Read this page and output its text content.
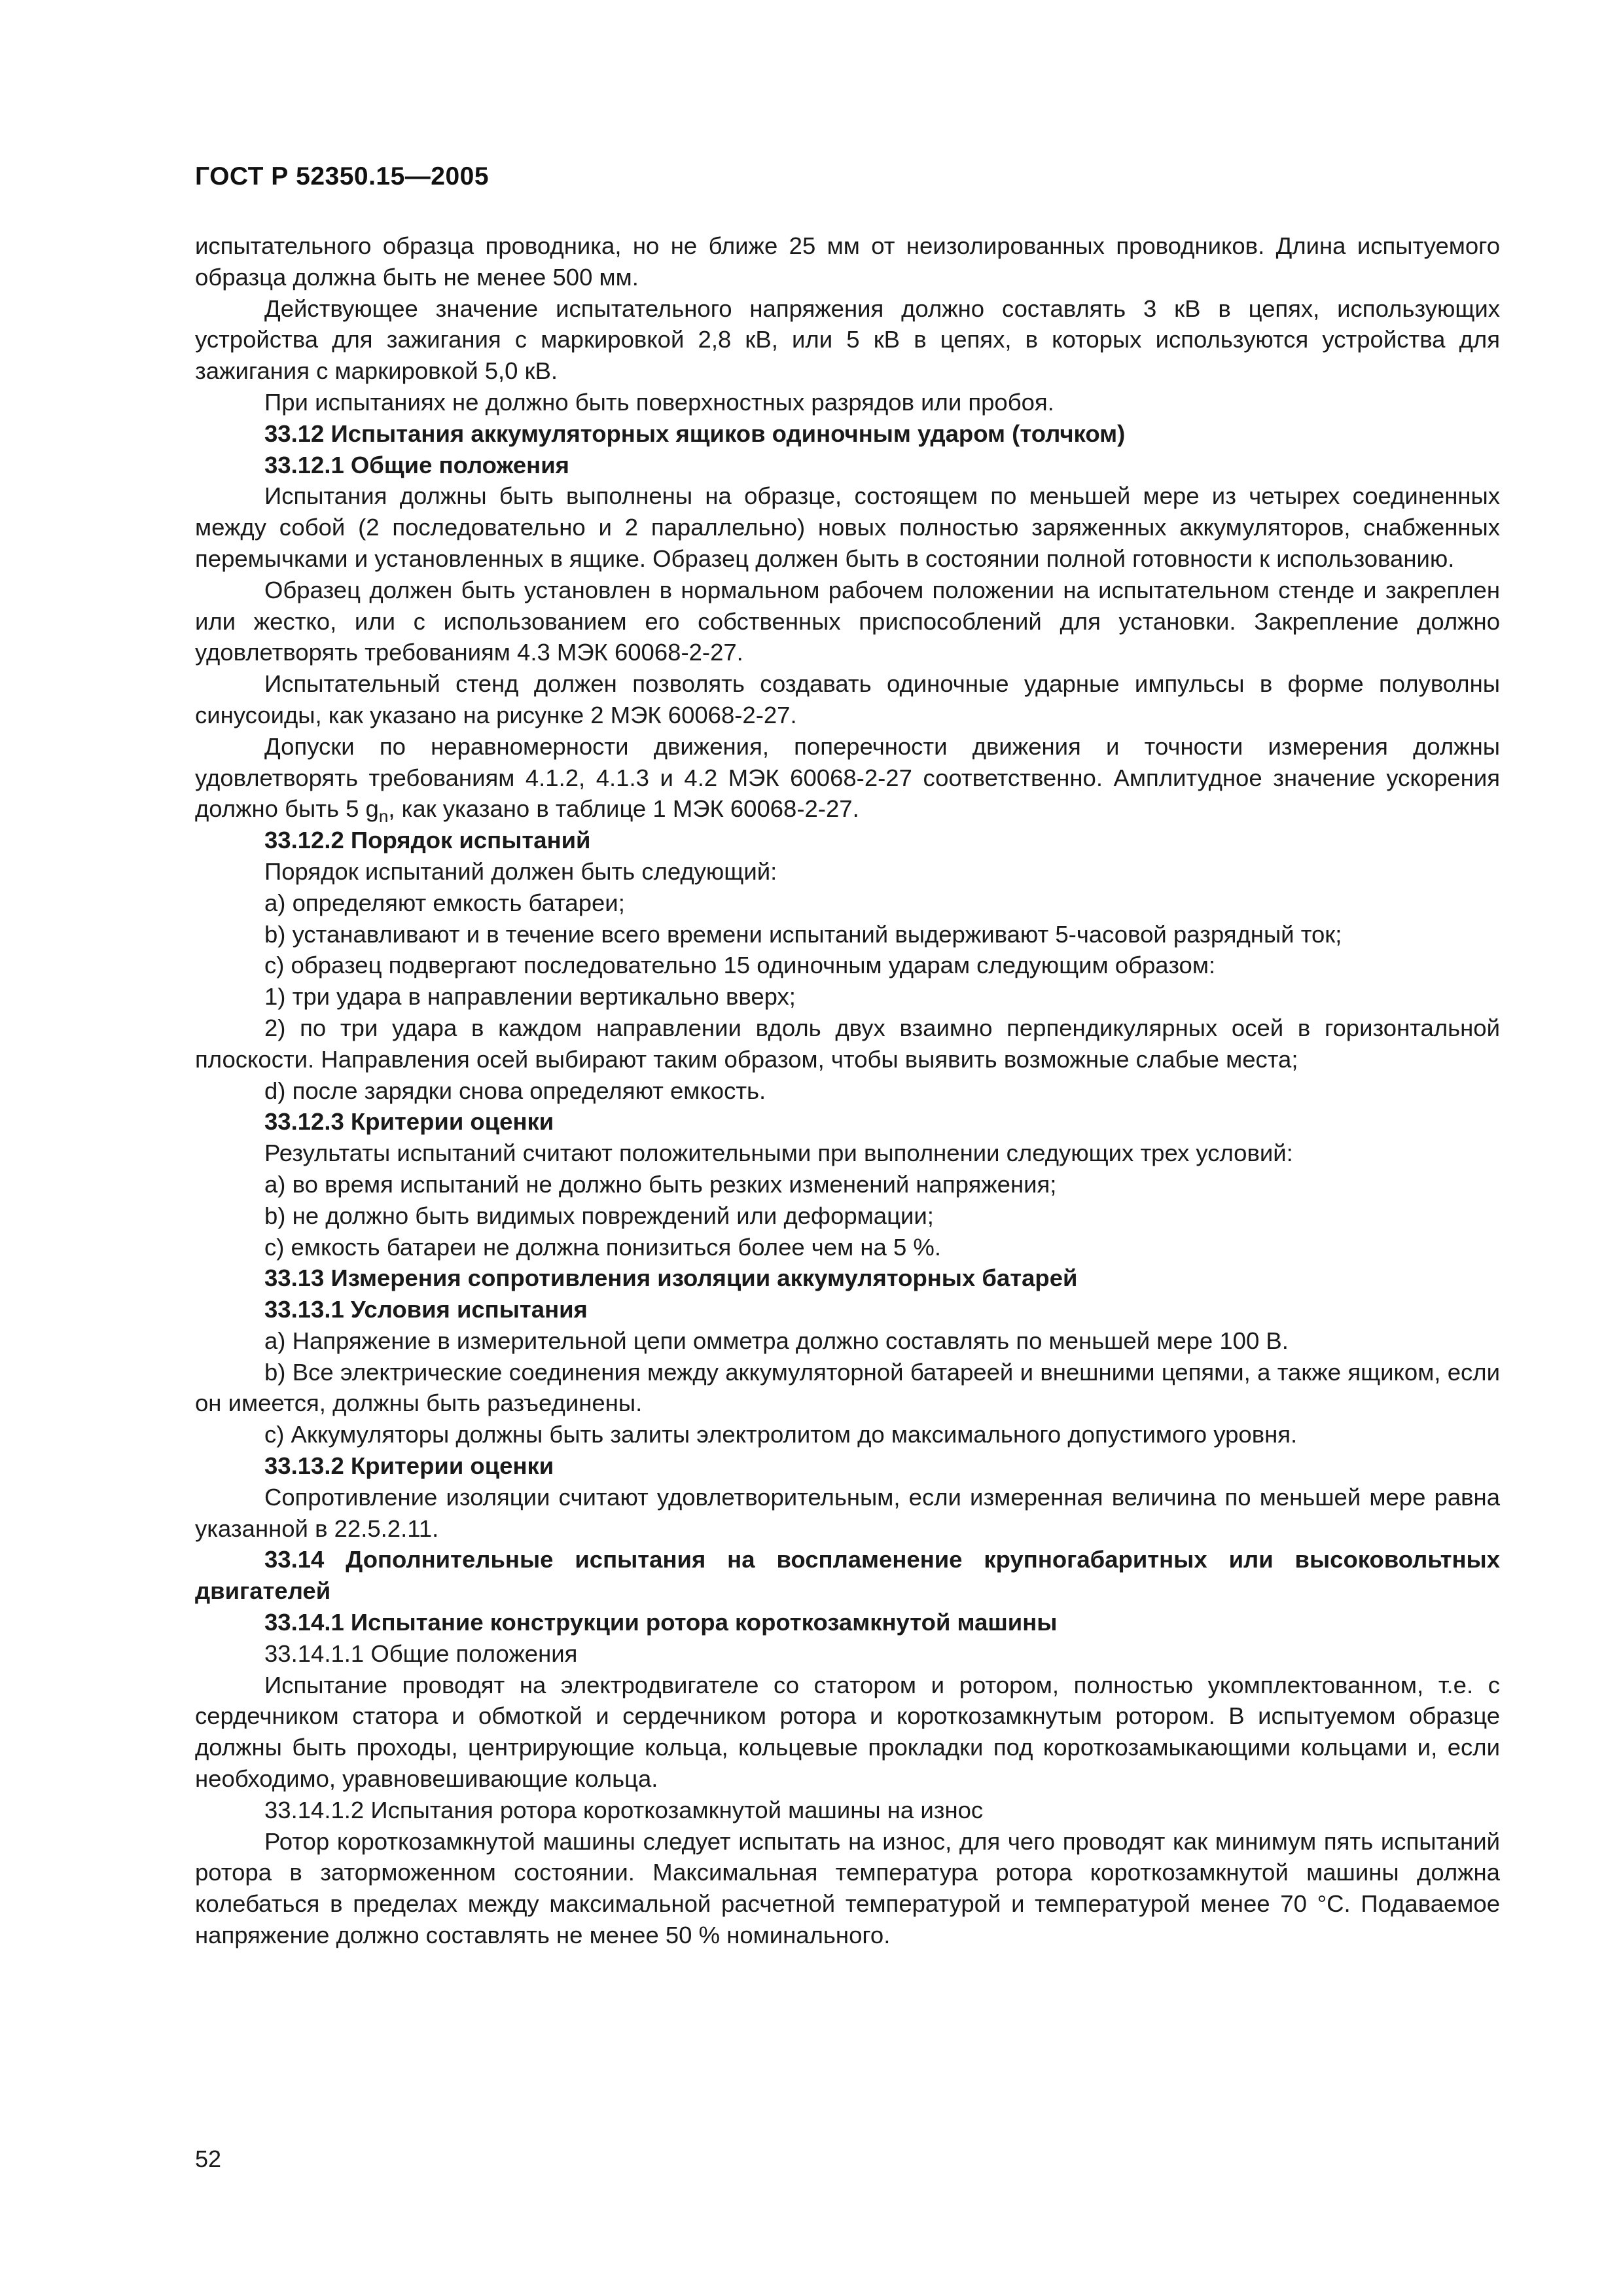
ГОСТ Р 52350.15—2005

испытательного образца проводника, но не ближе 25 мм от неизолированных проводников. Длина испытуемого образца должна быть не менее 500 мм.

Действующее значение испытательного напряжения должно составлять 3 кВ в цепях, использующих устройства для зажигания с маркировкой 2,8 кВ, или 5 кВ в цепях, в которых используются устройства для зажигания с маркировкой 5,0 кВ.

При испытаниях не должно быть поверхностных разрядов или пробоя.

33.12 Испытания аккумуляторных ящиков одиночным ударом (толчком)

33.12.1 Общие положения

Испытания должны быть выполнены на образце, состоящем по меньшей мере из четырех соединенных между собой (2 последовательно и 2 параллельно) новых полностью заряженных аккумуляторов, снабженных перемычками и установленных в ящике. Образец должен быть в состоянии полной готовности к использованию.

Образец должен быть установлен в нормальном рабочем положении на испытательном стенде и закреплен или жестко, или с использованием его собственных приспособлений для установки. Закрепление должно удовлетворять требованиям 4.3 МЭК 60068-2-27.

Испытательный стенд должен позволять создавать одиночные ударные импульсы в форме полуволны синусоиды, как указано на рисунке 2 МЭК 60068-2-27.

Допуски по неравномерности движения, поперечности движения и точности измерения должны удовлетворять требованиям 4.1.2, 4.1.3 и 4.2 МЭК 60068-2-27 соответственно. Амплитудное значение ускорения должно быть 5 $g_n$, как указано в таблице 1 МЭК 60068-2-27.

33.12.2 Порядок испытаний

Порядок испытаний должен быть следующий:

a) определяют емкость батареи;

b) устанавливают и в течение всего времени испытаний выдерживают 5-часовой разрядный ток;

c) образец подвергают последовательно 15 одиночным ударам следующим образом:

1) три удара в направлении вертикально вверх;

2) по три удара в каждом направлении вдоль двух взаимно перпендикулярных осей в горизонтальной плоскости. Направления осей выбирают таким образом, чтобы выявить возможные слабые места;

d) после зарядки снова определяют емкость.

33.12.3 Критерии оценки

Результаты испытаний считают положительными при выполнении следующих трех условий:

a) во время испытаний не должно быть резких изменений напряжения;

b) не должно быть видимых повреждений или деформации;

c) емкость батареи не должна понизиться более чем на 5 %.

33.13 Измерения сопротивления изоляции аккумуляторных батарей

33.13.1 Условия испытания

a) Напряжение в измерительной цепи омметра должно составлять по меньшей мере 100 В.

b) Все электрические соединения между аккумуляторной батареей и внешними цепями, а также ящиком, если он имеется, должны быть разъединены.

c) Аккумуляторы должны быть залиты электролитом до максимального допустимого уровня.

33.13.2 Критерии оценки

Сопротивление изоляции считают удовлетворительным, если измеренная величина по меньшей мере равна указанной в 22.5.2.11.

33.14 Дополнительные испытания на воспламенение крупногабаритных или высоковольтных двигателей

33.14.1 Испытание конструкции ротора короткозамкнутой машины

33.14.1.1 Общие положения

Испытание проводят на электродвигателе со статором и ротором, полностью укомплектованном, т.е. с сердечником статора и обмоткой и сердечником ротора и короткозамкнутым ротором. В испытуемом образце должны быть проходы, центрирующие кольца, кольцевые прокладки под короткозамыкающими кольцами и, если необходимо, уравновешивающие кольца.

33.14.1.2 Испытания ротора короткозамкнутой машины на износ

Ротор короткозамкнутой машины следует испытать на износ, для чего проводят как минимум пять испытаний ротора в заторможенном состоянии. Максимальная температура ротора короткозамкнутой машины должна колебаться в пределах между максимальной расчетной температурой и температурой менее 70 °С. Подаваемое напряжение должно составлять не менее 50 % номинального.

52
